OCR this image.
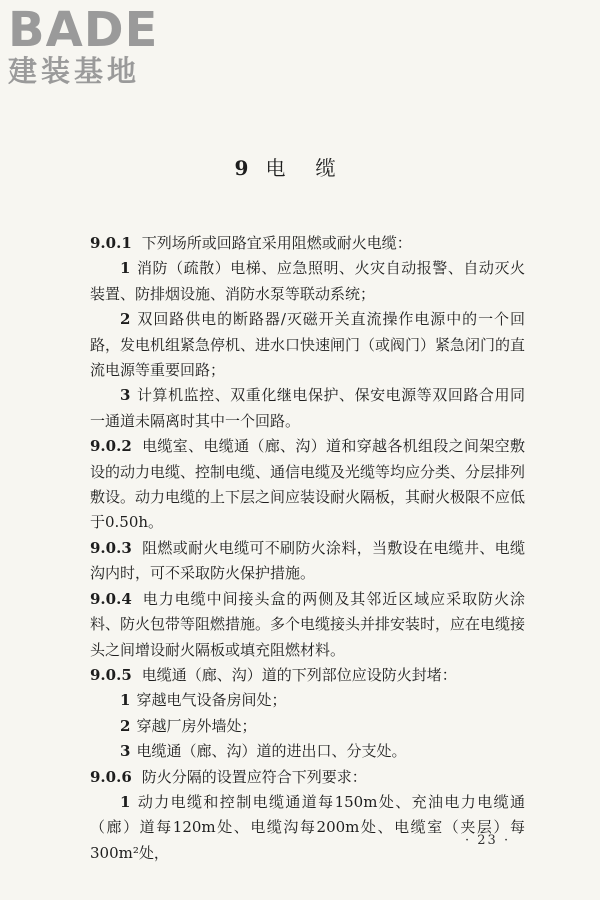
BADE
建装基地
9 电缆

9.0.1 下列场所或回路宜采用阻燃或耐火电缆：

1 消防（疏散）电梯、应急照明、火灾自动报警、自动灭火装置、防排烟设施、消防水泵等联动系统；

2 双回路供电的断路器/灭磁开关直流操作电源中的一个回路，发电机组紧急停机、进水口快速闸门（或阀门）紧急闭门的直流电源等重要回路；

3 计算机监控、双重化继电保护、保安电源等双回路合用同一通道未隔离时其中一个回路。

9.0.2 电缆室、电缆通（廊、沟）道和穿越各机组段之间架空敷设的动力电缆、控制电缆、通信电缆及光缆等均应分类、分层排列敷设。动力电缆的上下层之间应装设耐火隔板，其耐火极限不应低于0.50h。

9.0.3 阻燃或耐火电缆可不刷防火涂料，当敷设在电缆井、电缆沟内时，可不采取防火保护措施。

9.0.4 电力电缆中间接头盒的两侧及其邻近区域应采取防火涂料、防火包带等阻燃措施。多个电缆接头并排安装时，应在电缆接头之间增设耐火隔板或填充阻燃材料。

9.0.5 电缆通（廊、沟）道的下列部位应设防火封堵：

1 穿越电气设备房间处；

2 穿越厂房外墙处；

3 电缆通（廊、沟）道的进出口、分支处。

9.0.6 防火分隔的设置应符合下列要求：

1 动力电缆和控制电缆通道每150m处、充油电力电缆通（廊）道每120m处、电缆沟每200m处、电缆室（夹层）每300m²处，

· 23 ·
